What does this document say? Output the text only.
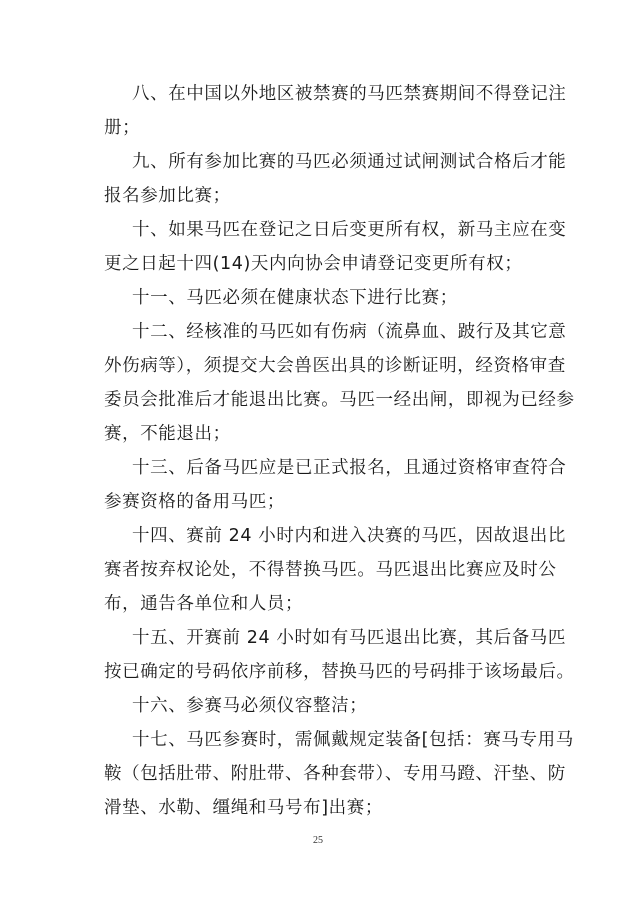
八、在中国以外地区被禁赛的马匹禁赛期间不得登记注
册；
九、所有参加比赛的马匹必须通过试闸测试合格后才能
报名参加比赛；
十、如果马匹在登记之日后变更所有权，新马主应在变
更之日起十四(14)天内向协会申请登记变更所有权；
十一、马匹必须在健康状态下进行比赛；
十二、经核准的马匹如有伤病（流鼻血、跛行及其它意
外伤病等），须提交大会兽医出具的诊断证明，经资格审查
委员会批准后才能退出比赛。马匹一经出闸，即视为已经参
赛，不能退出；
十三、后备马匹应是已正式报名，且通过资格审查符合
参赛资格的备用马匹；
十四、赛前 24 小时内和进入决赛的马匹，因故退出比
赛者按弃权论处，不得替换马匹。马匹退出比赛应及时公
布，通告各单位和人员；
十五、开赛前 24 小时如有马匹退出比赛，其后备马匹
按已确定的号码依序前移，替换马匹的号码排于该场最后。
十六、参赛马必须仪容整洁；
十七、马匹参赛时，需佩戴规定装备[包括：赛马专用马
鞍（包括肚带、附肚带、各种套带）、专用马蹬、汗垫、防
滑垫、水勒、缰绳和马号布]出赛；
25
